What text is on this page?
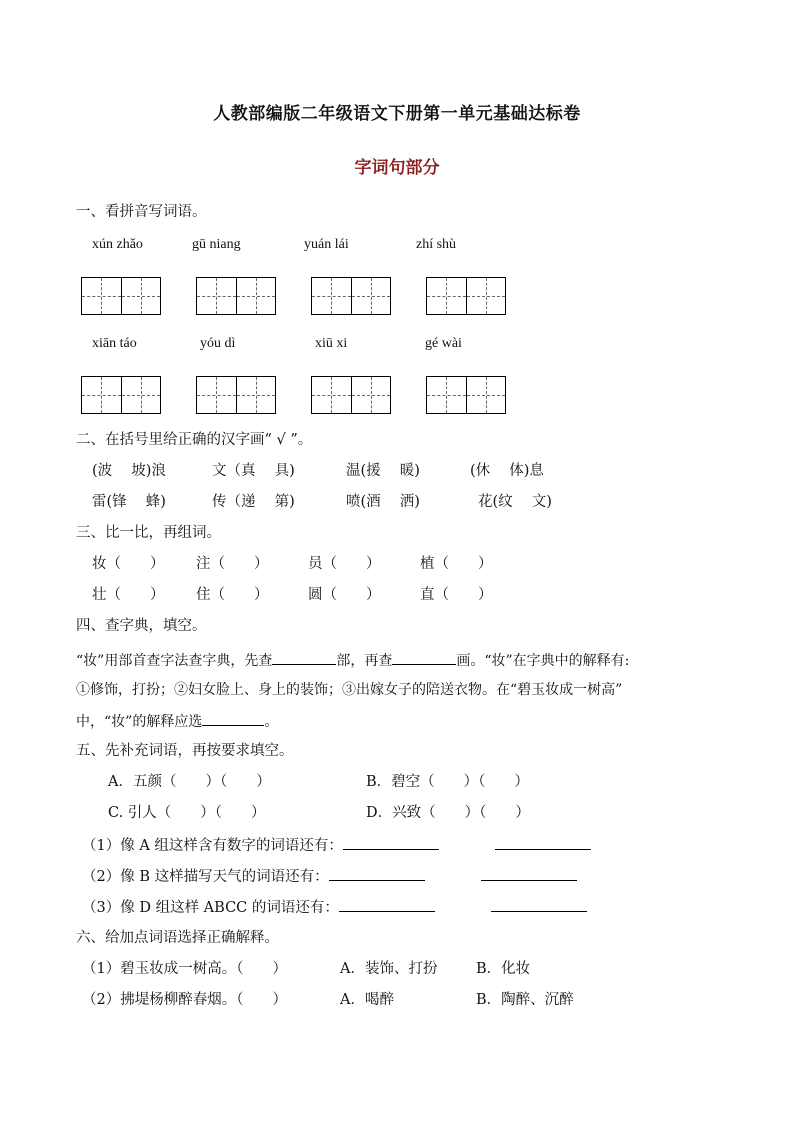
人教部编版二年级语文下册第一单元基础达标卷
字词句部分
一、看拼音写词语。
xún zhǎo	gū niang	yuán lái	zhí shù
xiān táo	yóu dì	xiū xi	gé wài
二、在括号里给正确的汉字画“ √ ”。
(波　 坡)浪	文（真　 具)	温(援　 暖)	(休　 体)息
雷(锋　 蜂)	传（递　 第)	喷(酒　 洒)	花(纹　 文)
三、比一比，再组词。
妆（　　） 注（　　）	员（　　）	植（　　）
壮（　　） 住（　　）	圆（　　）	直（　　）
四、查字典，填空。
“妆”用部首查字法查字典，先查	部，再查	画。“妆”在字典中的解释有:
①修饰，打扮；②妇女脸上、身上的装饰；③出嫁女子的陪送衣物。在“碧玉妆成一树高”
中，“妆”的解释应选	。
五、先补充词语，再按要求填空。
A．五颜（　　）（　　）	B．碧空（　　）（　　）
C. 引人（　　）（　　）	D．兴致（　　）（　　）
（1）像 A 组这样含有数字的词语还有：
（2）像 B 这样描写天气的词语还有：
（3）像 D 组这样 ABCC 的词语还有：
六、给加点词语选择正确解释。
（1）碧玉妆成一树高。（　　）	A．装饰、打扮	B．化妆
（2）拂堤杨柳醉春烟。（　　）	A．喝醉	B．陶醉、沉醉
